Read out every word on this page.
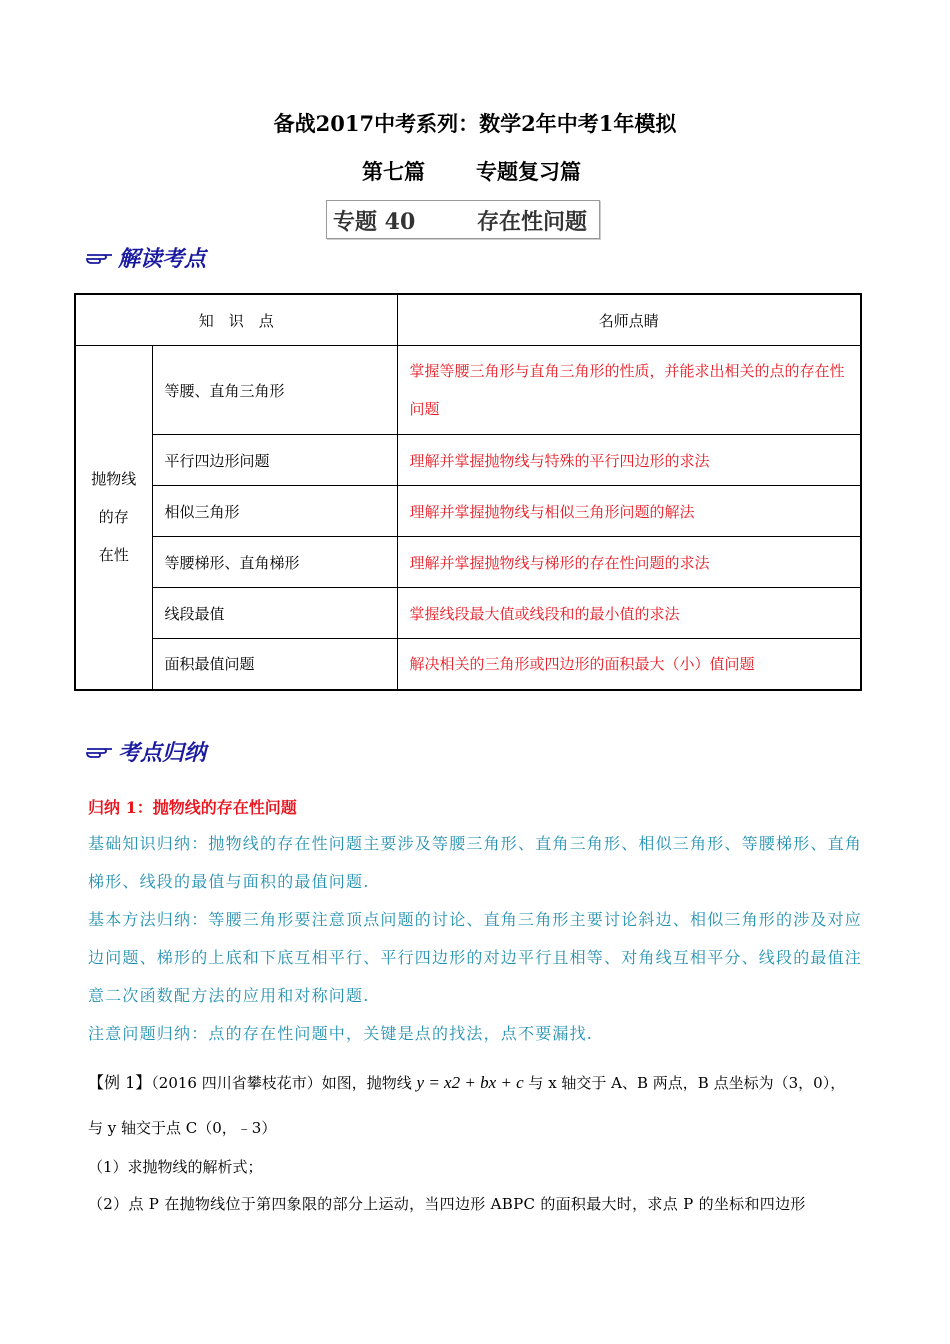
备战2017中考系列：数学2年中考1年模拟
第七篇 专题复习篇
专题 40	存在性问题
解读考点
知　识　点		名师点睛

抛物线
的存
在性	等腰、直角三角形	掌握等腰三角形与直角三角形的性质，并能求出相关的点的存在性问题
	平行四边形问题	理解并掌握抛物线与特殊的平行四边形的求法
	相似三角形	理解并掌握抛物线与相似三角形问题的解法
	等腰梯形、直角梯形	理解并掌握抛物线与梯形的存在性问题的求法
	线段最值	掌握线段最大值或线段和的最小值的求法
	面积最值问题	解决相关的三角形或四边形的面积最大（小）值问题
考点归纳
归纳 1：抛物线的存在性问题
基础知识归纳：抛物线的存在性问题主要涉及等腰三角形、直角三角形、相似三角形、等腰梯形、直角梯形、线段的最值与面积的最值问题.
基本方法归纳：等腰三角形要注意顶点问题的讨论、直角三角形主要讨论斜边、相似三角形的涉及对应边问题、梯形的上底和下底互相平行、平行四边形的对边平行且相等、对角线互相平分、线段的最值注意二次函数配方法的应用和对称问题.
注意问题归纳：点的存在性问题中，关键是点的找法，点不要漏找.
【例 1】（2016 四川省攀枝花市）如图，抛物线 y = x2 + bx + c 与 x 轴交于 A、B 两点，B 点坐标为（3，0），
与 y 轴交于点 C（0，﹣3）
（1）求抛物线的解析式；
（2）点 P 在抛物线位于第四象限的部分上运动，当四边形 ABPC 的面积最大时，求点 P 的坐标和四边形
